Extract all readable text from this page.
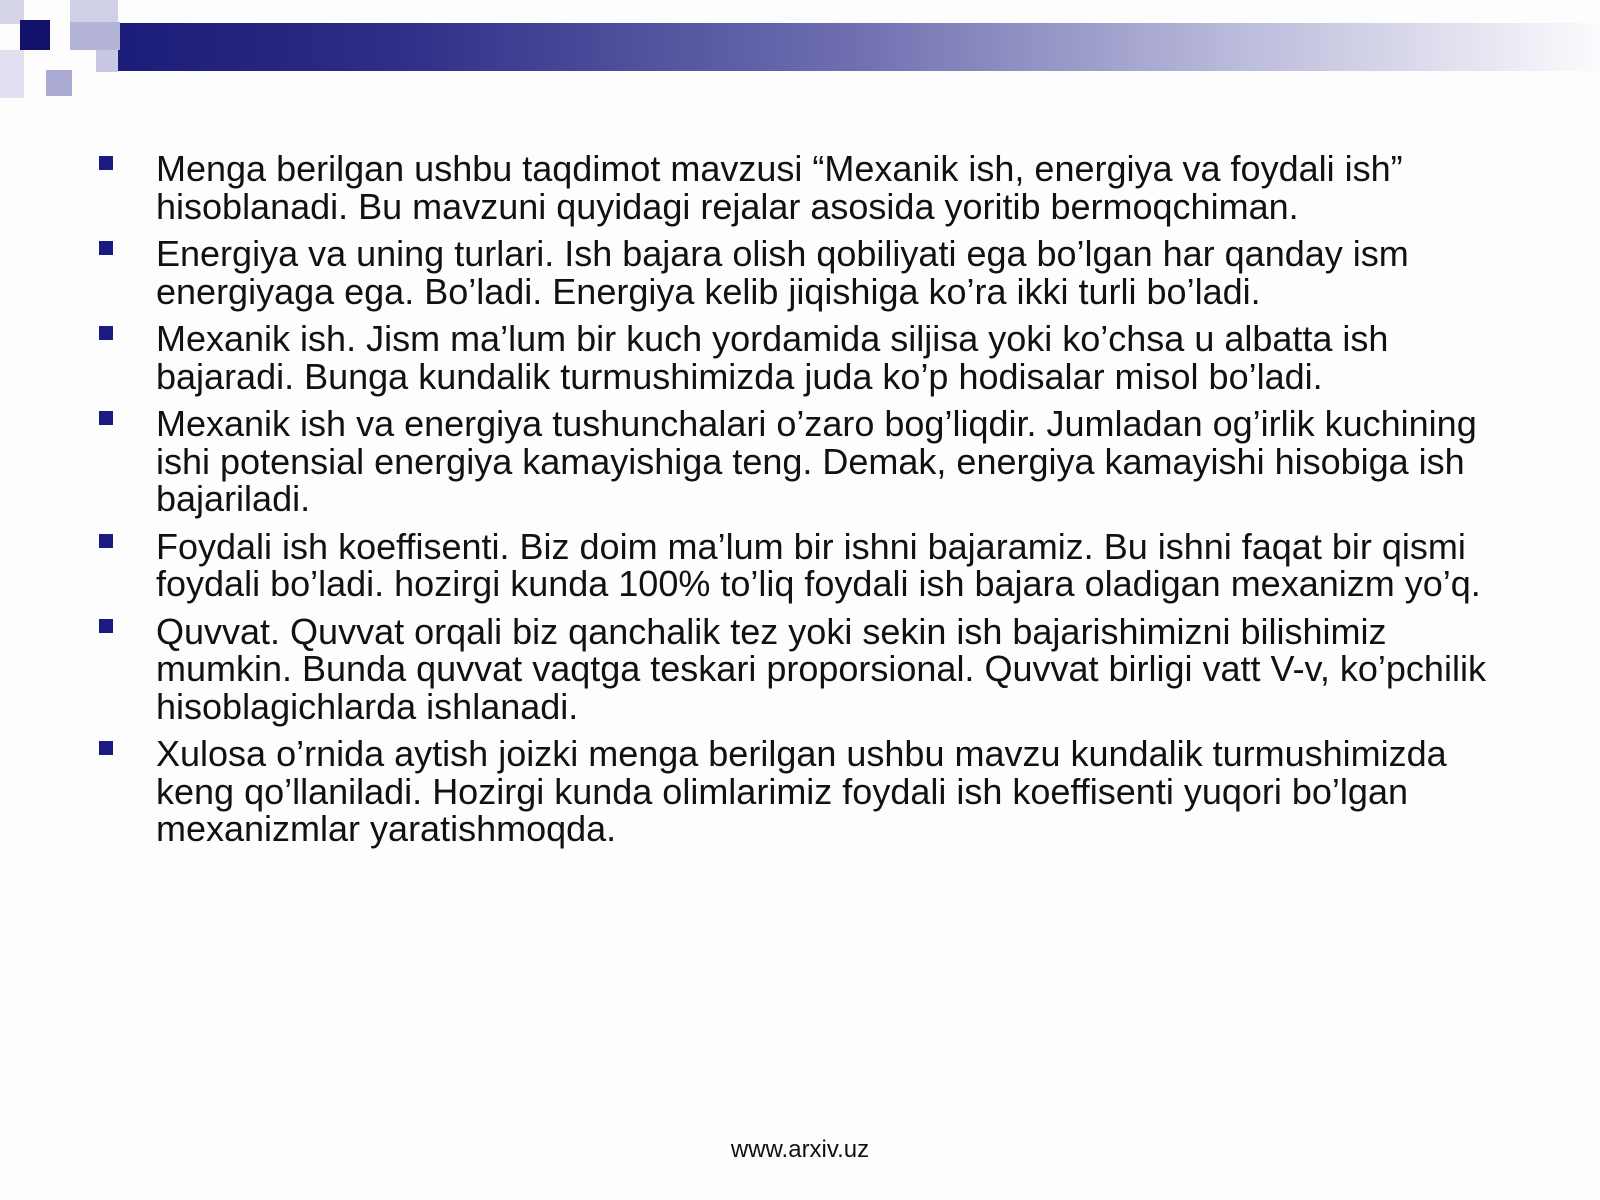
Menga berilgan ushbu taqdimot mavzusi “Mexanik ish, energiya va foydali ish” hisoblanadi. Bu mavzuni quyidagi rejalar asosida yoritib bermoqchiman.
Energiya va uning turlari. Ish bajara olish qobiliyati ega bo’lgan har qanday ism energiyaga ega. Bo’ladi. Energiya kelib jiqishiga ko’ra ikki turli bo’ladi.
Mexanik ish. Jism ma’lum bir kuch yordamida siljisa yoki ko’chsa u albatta ish bajaradi. Bunga kundalik turmushimizda juda ko’p hodisalar misol bo’ladi.
Mexanik ish va energiya tushunchalari o’zaro bog’liqdir. Jumladan og’irlik kuchining ishi potensial energiya kamayishiga teng. Demak, energiya kamayishi hisobiga ish bajariladi.
Foydali ish koeffisenti. Biz doim ma’lum bir ishni bajaramiz. Bu ishni faqat bir qismi foydali bo’ladi. hozirgi kunda 100% to’liq foydali ish bajara oladigan mexanizm yo’q.
Quvvat. Quvvat orqali biz qanchalik tez yoki sekin ish bajarishimizni bilishimiz mumkin. Bunda quvvat vaqtga teskari proporsional. Quvvat birligi vatt V-v, ko’pchilik hisoblagichlarda ishlanadi.
Xulosa o’rnida aytish joizki menga berilgan ushbu mavzu kundalik turmushimizda keng qo’llaniladi. Hozirgi kunda olimlarimiz foydali ish koeffisenti yuqori bo’lgan mexanizmlar yaratishmoqda.
www.arxiv.uz
